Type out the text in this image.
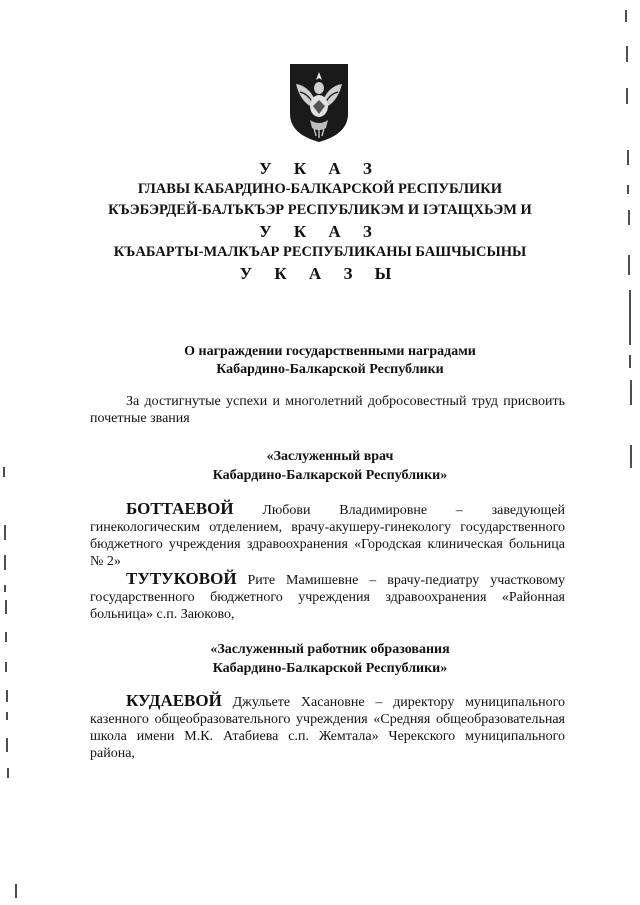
У К А З
ГЛАВЫ КАБАРДИНО-БАЛКАРСКОЙ РЕСПУБЛИКИ
КЪЭБЭРДЕЙ-БАЛЪКЪЭР РЕСПУБЛИКЭМ И IЭТАЩХЬЭМ И
У К А З
КЪАБАРТЫ-МАЛКЪАР РЕСПУБЛИКАНЫ БАШЧЫСЫНЫ
У К А З Ы
О награждении государственными наградами
Кабардино-Балкарской Республики
За достигнутые успехи и многолетний добросовестный труд присвоить почетные звания
«Заслуженный врач
Кабардино-Балкарской Республики»

БОТТАЕВОЙ Любови Владимировне – заведующей гинекологическим отделением, врачу-акушеру-гинекологу государственного бюджетного учреждения здравоохранения «Городская клиническая больница № 2»

ТУТУКОВОЙ Рите Мамишевне – врачу-педиатру участковому государственного бюджетного учреждения здравоохранения «Районная больница» с.п. Заюково,

«Заслуженный работник образования
Кабардино-Балкарской Республики»

КУДАЕВОЙ Джульете Хасановне – директору муниципального казенного общеобразовательного учреждения «Средняя общеобразовательная школа имени М.К. Атабиева с.п. Жемтала» Черекского муниципального района,
